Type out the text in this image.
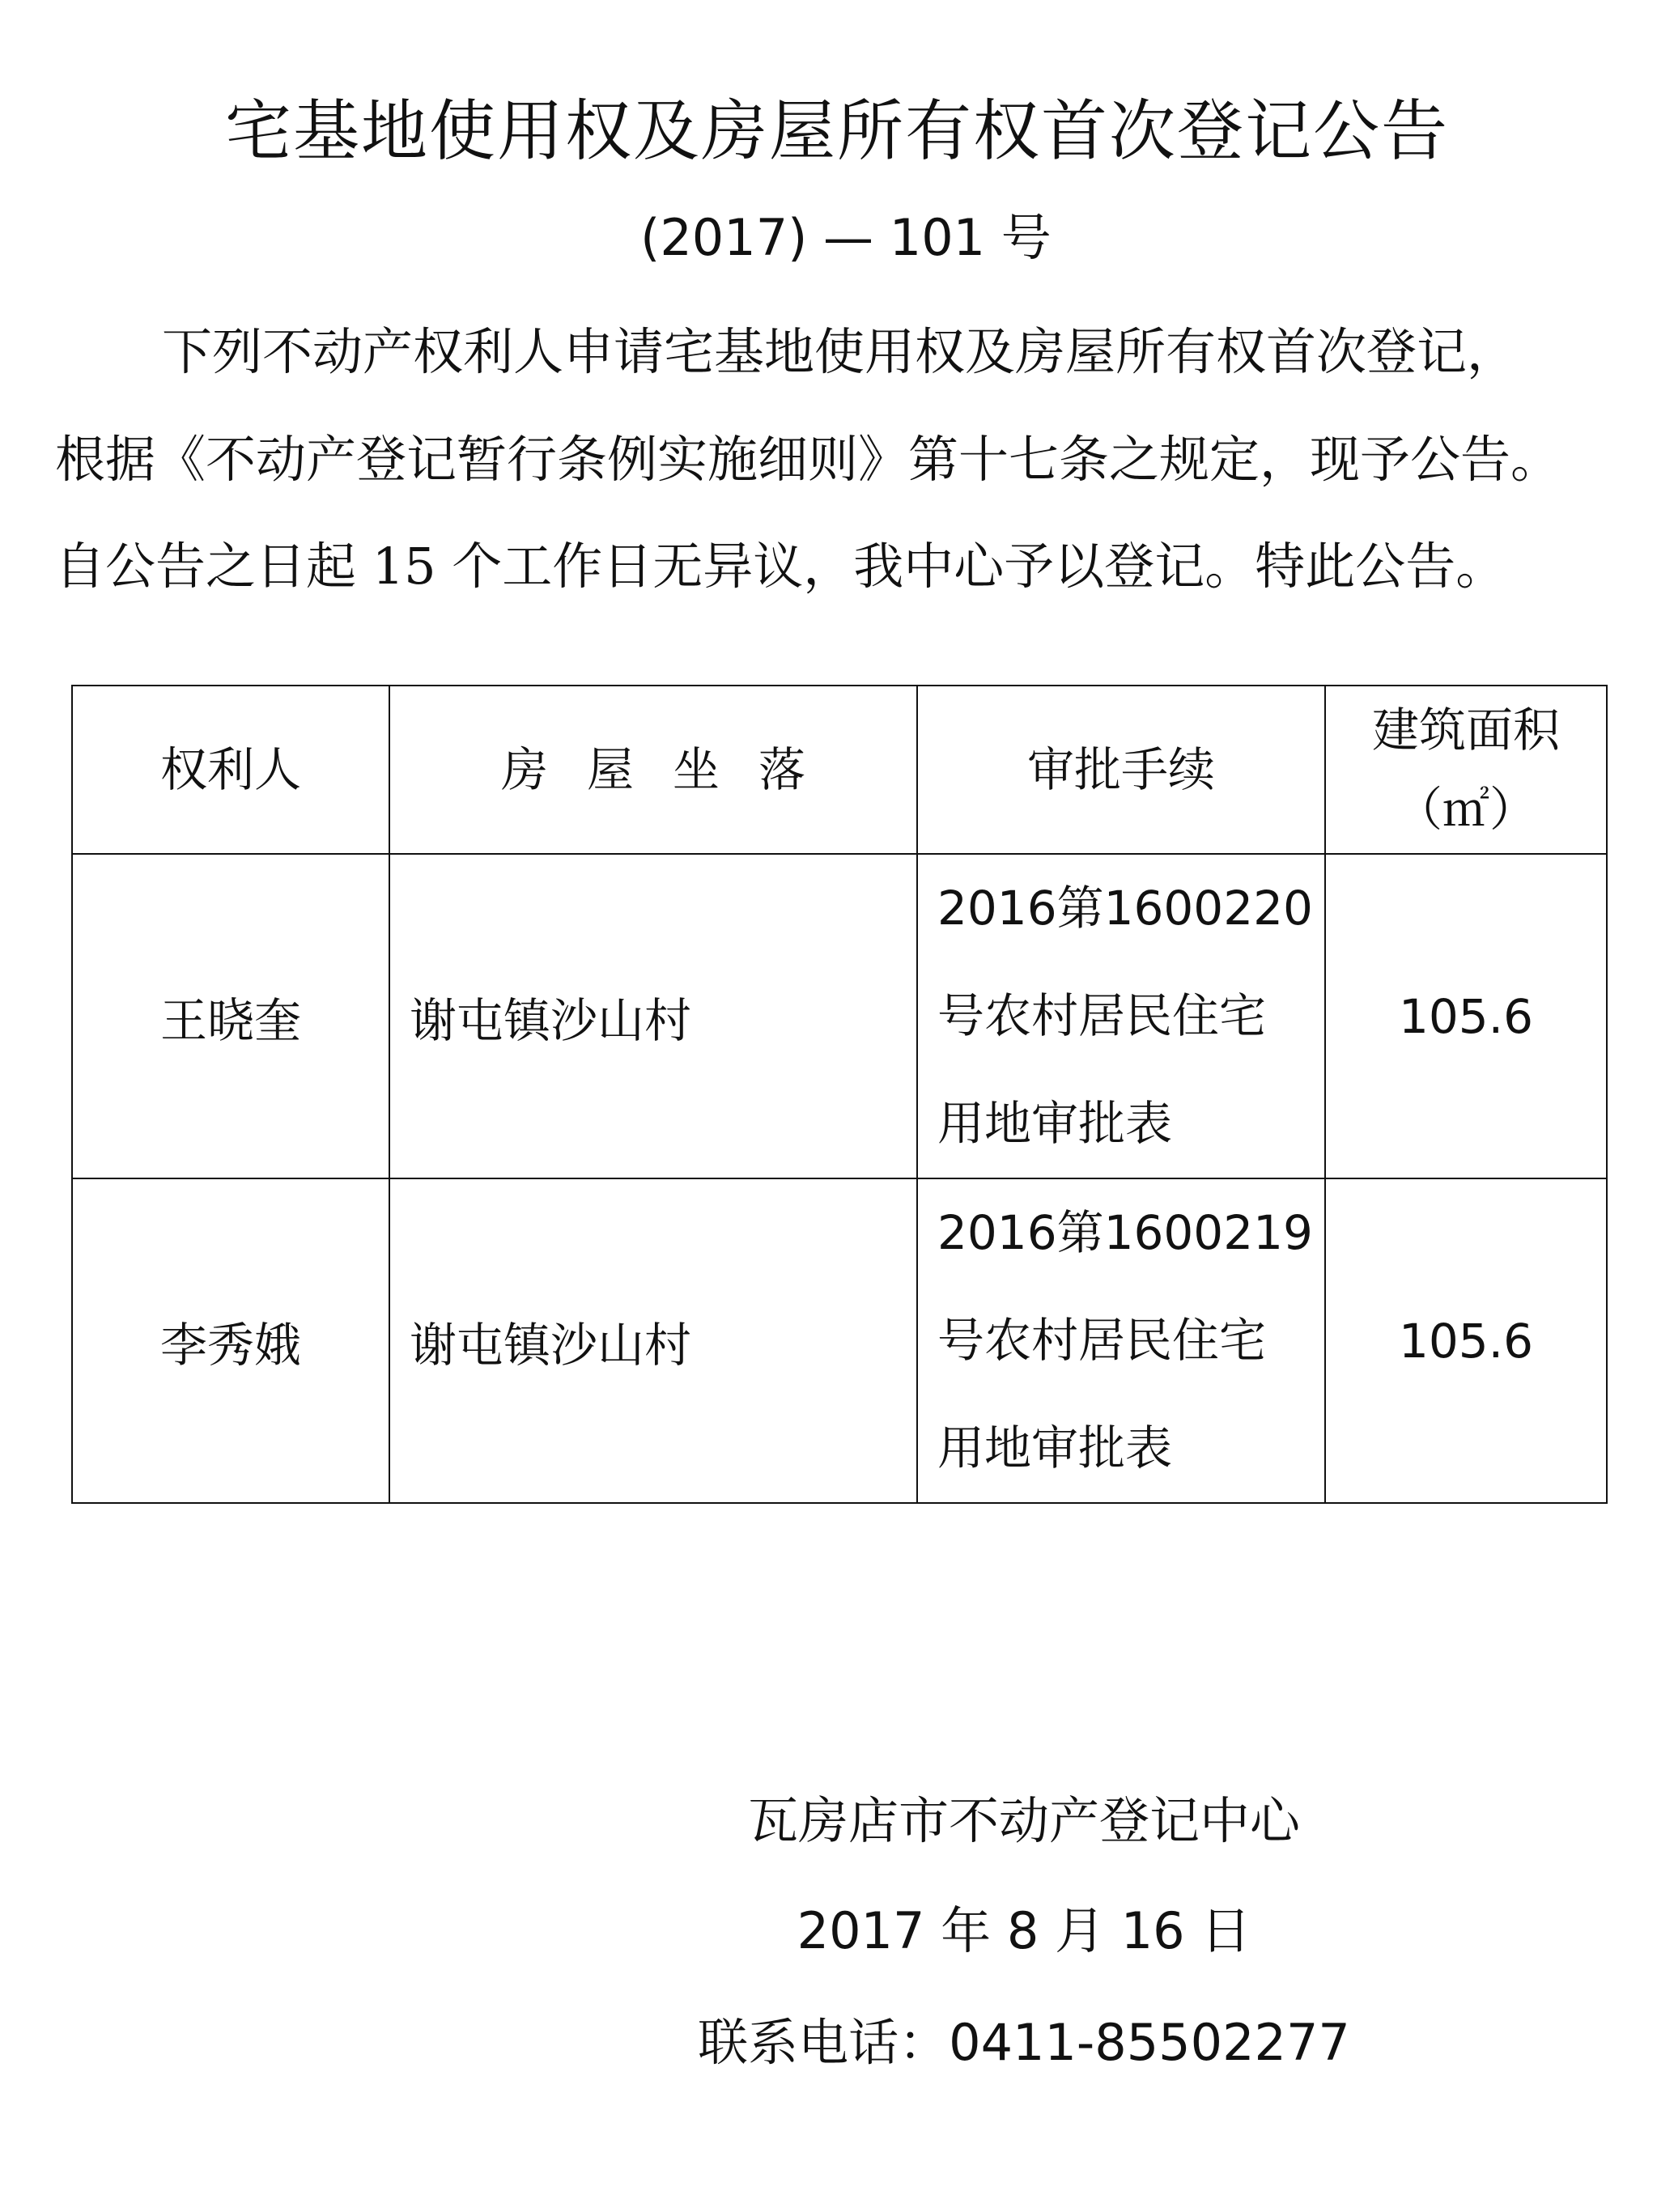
宅基地使用权及房屋所有权首次登记公告
(2017) — 101 号
下列不动产权利人申请宅基地使用权及房屋所有权首次登记，
根据《不动产登记暂行条例实施细则》第十七条之规定，现予公告。
自公告之日起 15 个工作日无异议，我中心予以登记。特此公告。
权利人	房屋坐落	审批手续	建筑面积
（㎡）

王晓奎	谢屯镇沙山村	2016第1600220
号农村居民住宅
用地审批表	105.6
李秀娥	谢屯镇沙山村	2016第1600219
号农村居民住宅
用地审批表	105.6
瓦房店市不动产登记中心
2017 年 8 月 16 日
联系电话：0411-85502277
